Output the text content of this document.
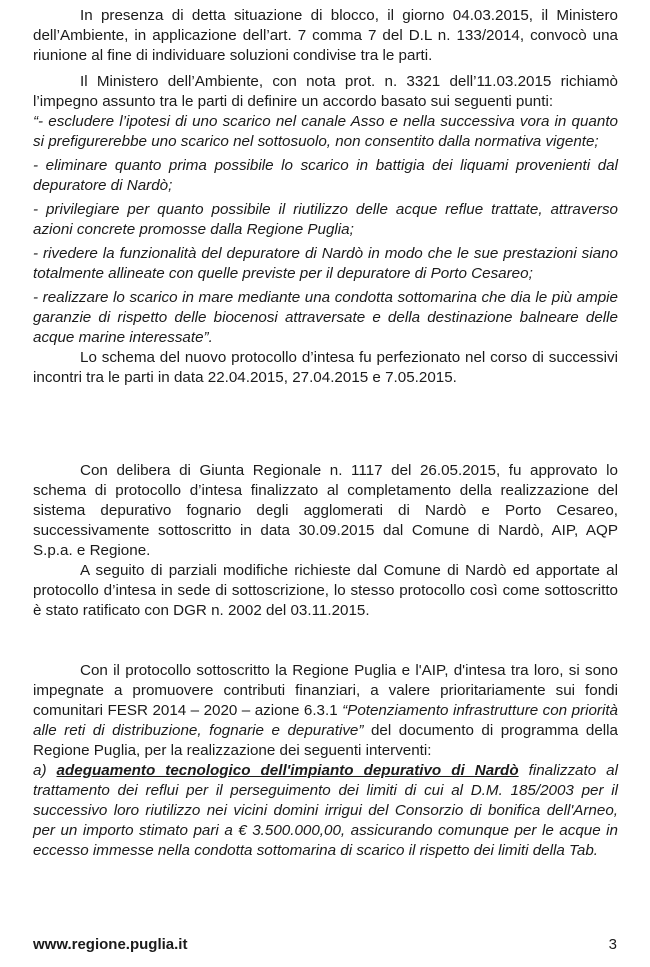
In presenza di detta situazione di blocco, il giorno 04.03.2015, il Ministero dell’Ambiente, in applicazione dell’art. 7 comma 7 del D.L n. 133/2014, convocò una riunione al fine di individuare soluzioni condivise tra le parti.

Il Ministero dell’Ambiente, con nota prot. n. 3321 dell’11.03.2015 richiamò l’impegno assunto tra le parti di definire un accordo basato sui seguenti punti:

“- escludere l’ipotesi di uno scarico nel canale Asso e nella successiva vora in quanto si prefigurerebbe uno scarico nel sottosuolo, non consentito dalla normativa vigente;

- eliminare quanto prima possibile lo scarico in battigia dei liquami provenienti dal depuratore di Nardò;

- privilegiare per quanto possibile il riutilizzo delle acque reflue trattate, attraverso azioni concrete promosse dalla Regione Puglia;

- rivedere la funzionalità del depuratore di Nardò in modo che le sue prestazioni siano totalmente allineate con quelle previste per il depuratore di Porto Cesareo;

- realizzare lo scarico in mare mediante una condotta sottomarina che dia le più ampie garanzie di rispetto delle biocenosi attraversate e della destinazione balneare delle acque marine interessate”.

Lo schema del nuovo protocollo d’intesa fu perfezionato nel corso di successivi incontri tra le parti in data 22.04.2015, 27.04.2015 e 7.05.2015.

Con delibera di Giunta Regionale n. 1117 del 26.05.2015, fu approvato lo schema di protocollo d’intesa finalizzato al completamento della realizzazione del sistema depurativo fognario degli agglomerati di Nardò e Porto Cesareo, successivamente sottoscritto in data 30.09.2015 dal Comune di Nardò, AIP, AQP S.p.a. e Regione.

A seguito di parziali modifiche richieste dal Comune di Nardò ed apportate al protocollo d’intesa in sede di sottoscrizione, lo stesso protocollo così come sottoscritto è stato ratificato con DGR n. 2002 del 03.11.2015.

Con il protocollo sottoscritto la Regione Puglia e l'AIP, d'intesa tra loro, si sono impegnate a promuovere contributi finanziari, a valere prioritariamente sui fondi comunitari FESR 2014 – 2020 – azione 6.3.1 “Potenziamento infrastrutture con priorità alle reti di distribuzione, fognarie e depurative” del documento di programma della Regione Puglia, per la realizzazione dei seguenti interventi:

a) adeguamento tecnologico dell'impianto depurativo di Nardò finalizzato al trattamento dei reflui per il perseguimento dei limiti di cui al D.M. 185/2003 per il successivo loro riutilizzo nei vicini domini irrigui del Consorzio di bonifica dell'Arneo, per un importo stimato pari a € 3.500.000,00, assicurando comunque per le acque in eccesso immesse nella condotta sottomarina di scarico il rispetto dei limiti della Tab.

www.regione.puglia.it	3
